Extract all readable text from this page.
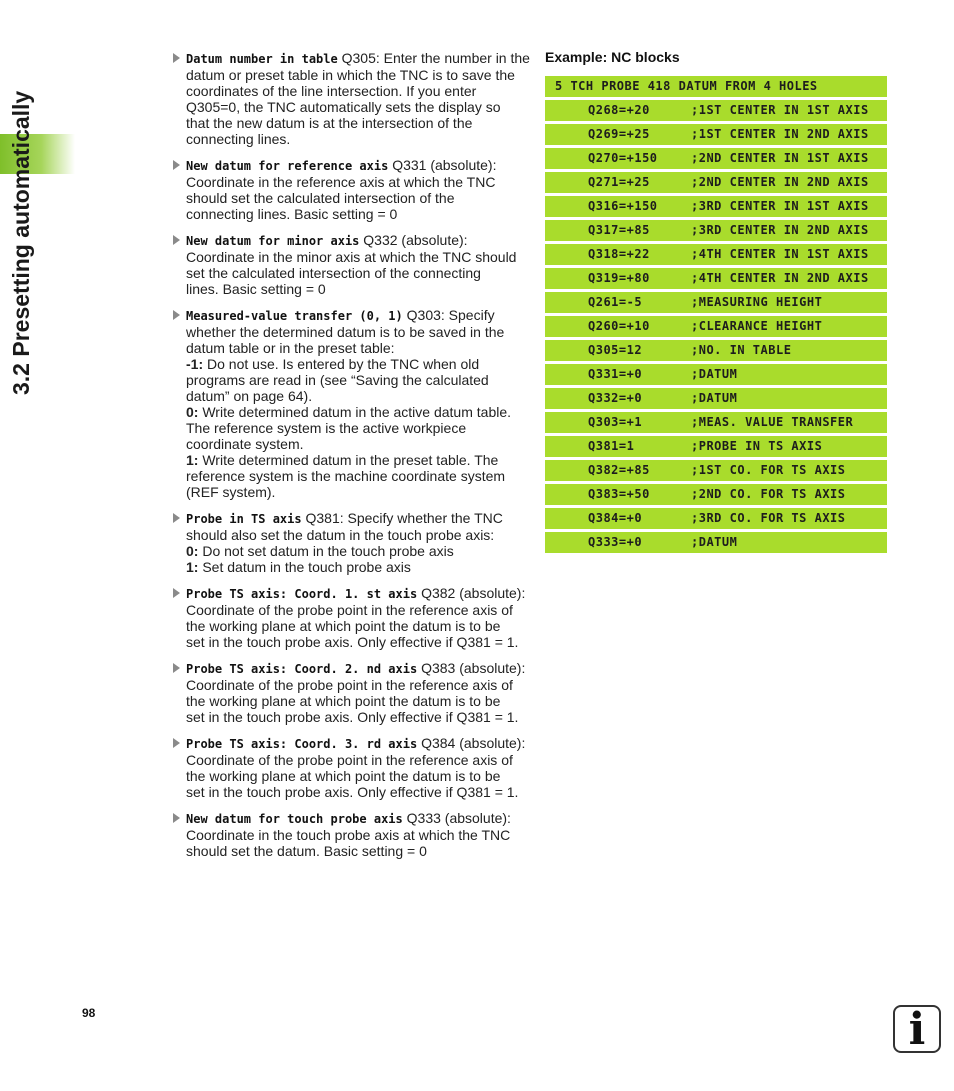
3.2 Presetting automatically
Datum number in table Q305: Enter the number in the
datum or preset table in which the TNC is to save the
coordinates of the line intersection. If you enter
Q305=0, the TNC automatically sets the display so
that the new datum is at the intersection of the
connecting lines.
New datum for reference axis Q331 (absolute):
Coordinate in the reference axis at which the TNC
should set the calculated intersection of the
connecting lines. Basic setting = 0
New datum for minor axis Q332 (absolute):
Coordinate in the minor axis at which the TNC should
set the calculated intersection of the connecting
lines. Basic setting = 0
Measured-value transfer (0, 1) Q303: Specify
whether the determined datum is to be saved in the
datum table or in the preset table:
-1: Do not use. Is entered by the TNC when old
programs are read in (see “Saving the calculated
datum” on page 64).
0: Write determined datum in the active datum table.
The reference system is the active workpiece
coordinate system.
1: Write determined datum in the preset table. The
reference system is the machine coordinate system
(REF system).
Probe in TS axis Q381: Specify whether the TNC
should also set the datum in the touch probe axis:
0: Do not set datum in the touch probe axis
1: Set datum in the touch probe axis
Probe TS axis: Coord. 1. st axis Q382 (absolute):
Coordinate of the probe point in the reference axis of
the working plane at which point the datum is to be
set in the touch probe axis. Only effective if Q381 = 1.
Probe TS axis: Coord. 2. nd axis Q383 (absolute):
Coordinate of the probe point in the reference axis of
the working plane at which point the datum is to be
set in the touch probe axis. Only effective if Q381 = 1.
Probe TS axis: Coord. 3. rd axis Q384 (absolute):
Coordinate of the probe point in the reference axis of
the working plane at which point the datum is to be
set in the touch probe axis. Only effective if Q381 = 1.
New datum for touch probe axis Q333 (absolute):
Coordinate in the touch probe axis at which the TNC
should set the datum. Basic setting = 0
Example: NC blocks
5 TCH PROBE 418 DATUM FROM 4 HOLES
Q268=+20	;1ST CENTER IN 1ST AXIS
Q269=+25	;1ST CENTER IN 2ND AXIS
Q270=+150	;2ND CENTER IN 1ST AXIS
Q271=+25	;2ND CENTER IN 2ND AXIS
Q316=+150	;3RD CENTER IN 1ST AXIS
Q317=+85	;3RD CENTER IN 2ND AXIS
Q318=+22	;4TH CENTER IN 1ST AXIS
Q319=+80	;4TH CENTER IN 2ND AXIS
Q261=-5	;MEASURING HEIGHT
Q260=+10	;CLEARANCE HEIGHT
Q305=12	;NO. IN TABLE
Q331=+0	;DATUM
Q332=+0	;DATUM
Q303=+1	;MEAS. VALUE TRANSFER
Q381=1	;PROBE IN TS AXIS
Q382=+85	;1ST CO. FOR TS AXIS
Q383=+50	;2ND CO. FOR TS AXIS
Q384=+0	;3RD CO. FOR TS AXIS
Q333=+0	;DATUM
98	i
